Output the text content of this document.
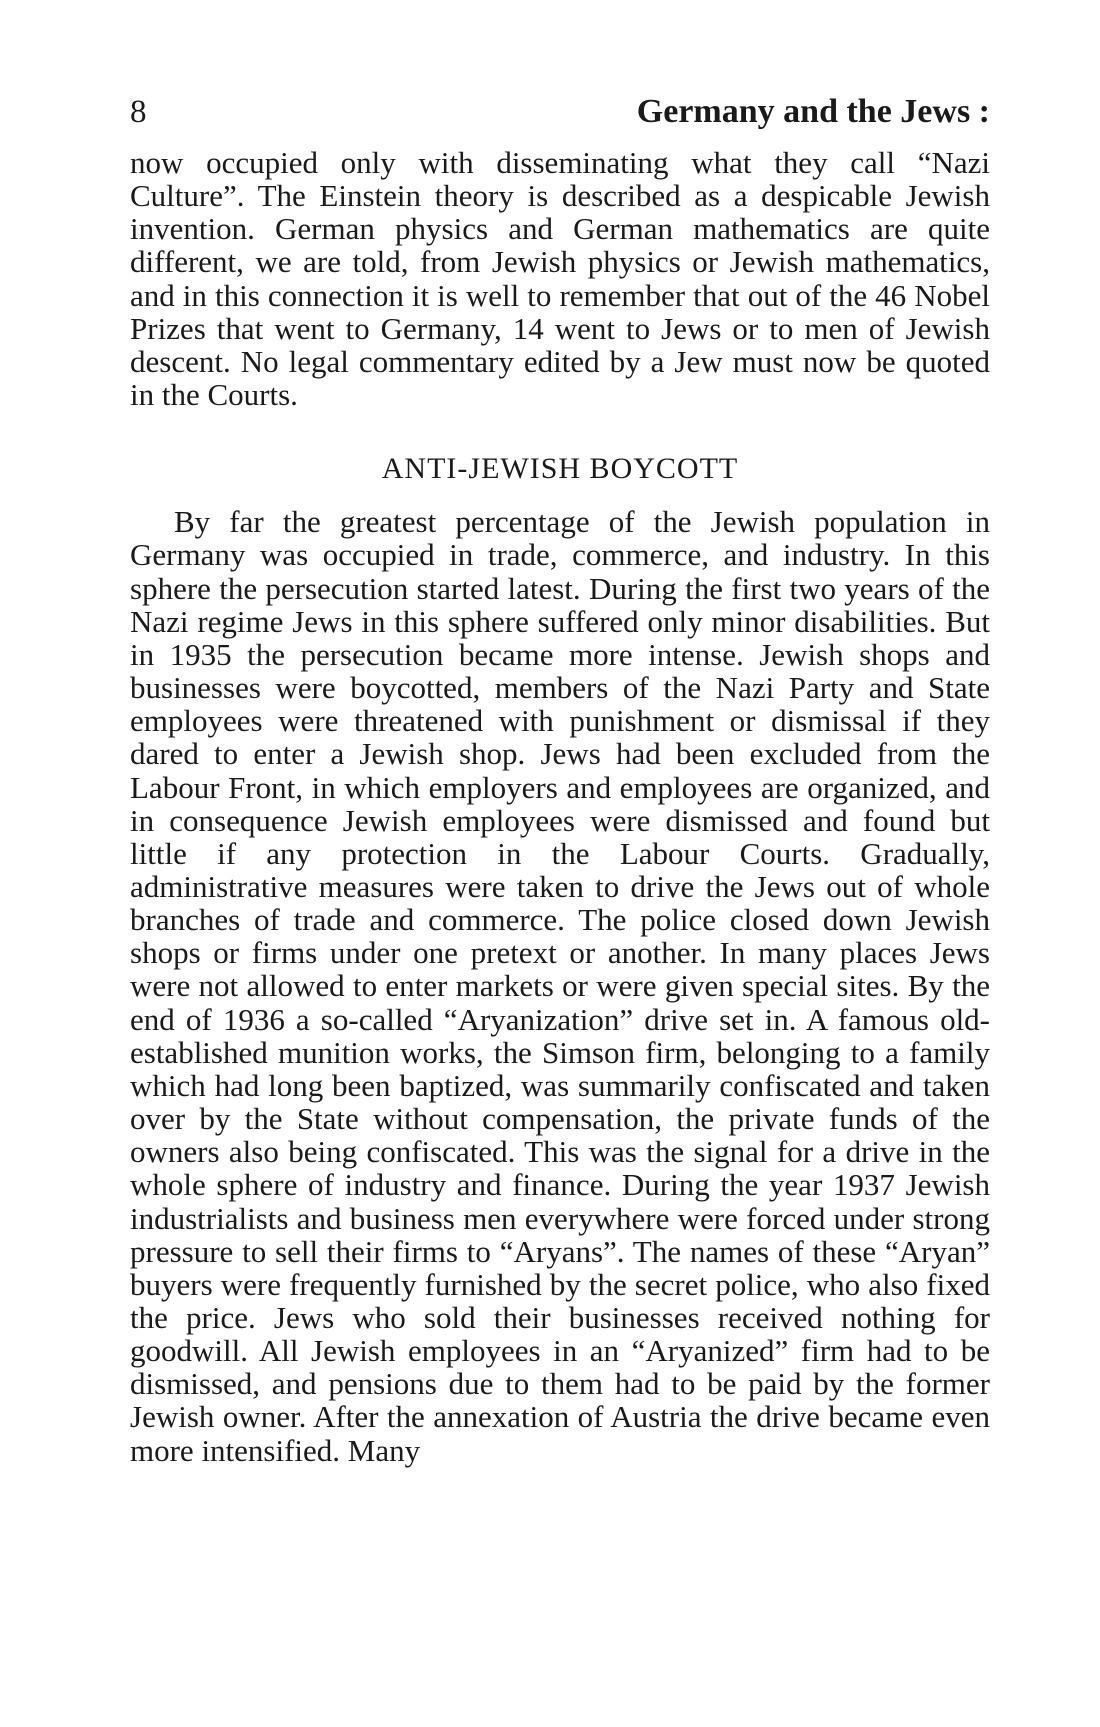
8	Germany and the Jews :

now occupied only with disseminating what they call “Nazi Culture”. The Einstein theory is described as a despicable Jewish invention. German physics and German mathematics are quite different, we are told, from Jewish physics or Jewish mathematics, and in this connection it is well to remember that out of the 46 Nobel Prizes that went to Germany, 14 went to Jews or to men of Jewish descent. No legal commentary edited by a Jew must now be quoted in the Courts.

ANTI-JEWISH BOYCOTT

By far the greatest percentage of the Jewish population in Germany was occupied in trade, commerce, and industry. In this sphere the persecution started latest. During the first two years of the Nazi regime Jews in this sphere suffered only minor disabilities. But in 1935 the persecution became more intense. Jewish shops and businesses were boycotted, members of the Nazi Party and State employees were threatened with punishment or dismissal if they dared to enter a Jewish shop. Jews had been excluded from the Labour Front, in which employers and employees are organized, and in consequence Jewish employees were dismissed and found but little if any protection in the Labour Courts. Gradually, administrative measures were taken to drive the Jews out of whole branches of trade and commerce. The police closed down Jewish shops or firms under one pretext or another. In many places Jews were not allowed to enter markets or were given special sites. By the end of 1936 a so-called “Aryanization” drive set in. A famous old-established munition works, the Simson firm, belonging to a family which had long been baptized, was summarily confiscated and taken over by the State without compensation, the private funds of the owners also being confiscated. This was the signal for a drive in the whole sphere of industry and finance. During the year 1937 Jewish industrialists and business men everywhere were forced under strong pressure to sell their firms to “Aryans”. The names of these “Aryan” buyers were frequently furnished by the secret police, who also fixed the price. Jews who sold their businesses received nothing for goodwill. All Jewish employees in an “Aryanized” firm had to be dismissed, and pensions due to them had to be paid by the former Jewish owner. After the annexation of Austria the drive became even more intensified. Many
